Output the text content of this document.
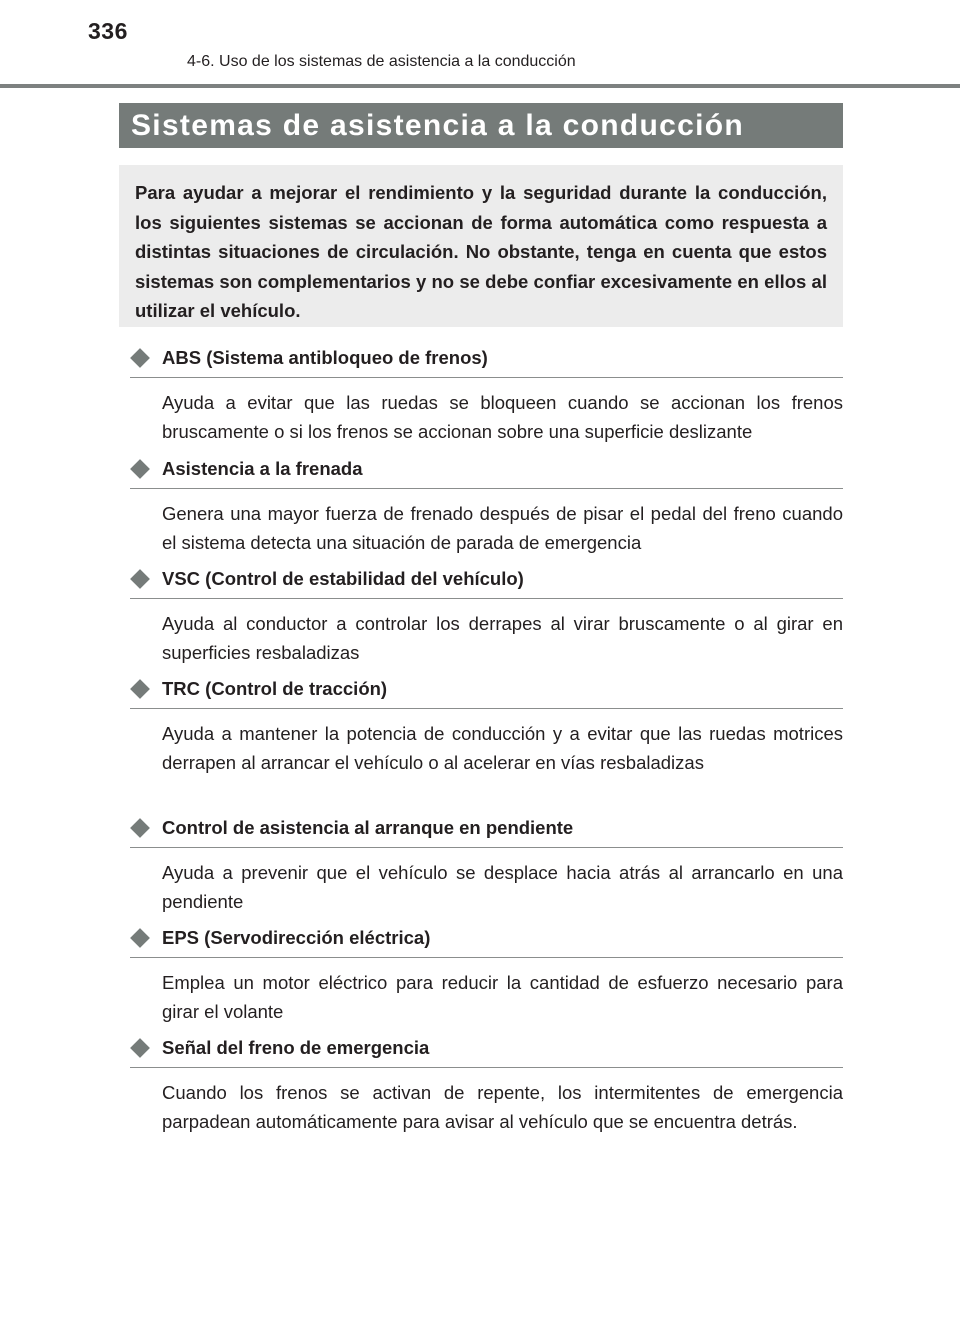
336
4-6. Uso de los sistemas de asistencia a la conducción
Sistemas de asistencia a la conducción

Para ayudar a mejorar el rendimiento y la seguridad durante la conducción, los siguientes sistemas se accionan de forma automática como respuesta a distintas situaciones de circulación. No obstante, tenga en cuenta que estos sistemas son complementarios y no se debe confiar excesivamente en ellos al utilizar el vehículo.

ABS (Sistema antibloqueo de frenos)
Ayuda a evitar que las ruedas se bloqueen cuando se accionan los frenos bruscamente o si los frenos se accionan sobre una superficie deslizante
Asistencia a la frenada
Genera una mayor fuerza de frenado después de pisar el pedal del freno cuando el sistema detecta una situación de parada de emergencia
VSC (Control de estabilidad del vehículo)
Ayuda al conductor a controlar los derrapes al virar bruscamente o al girar en superficies resbaladizas
TRC (Control de tracción)
Ayuda a mantener la potencia de conducción y a evitar que las ruedas motrices derrapen al arrancar el vehículo o al acelerar en vías resbaladizas
Control de asistencia al arranque en pendiente
Ayuda a prevenir que el vehículo se desplace hacia atrás al arrancarlo en una pendiente
EPS (Servodirección eléctrica)
Emplea un motor eléctrico para reducir la cantidad de esfuerzo necesario para girar el volante
Señal del freno de emergencia
Cuando los frenos se activan de repente, los intermitentes de emergencia parpadean automáticamente para avisar al vehículo que se encuentra detrás.
